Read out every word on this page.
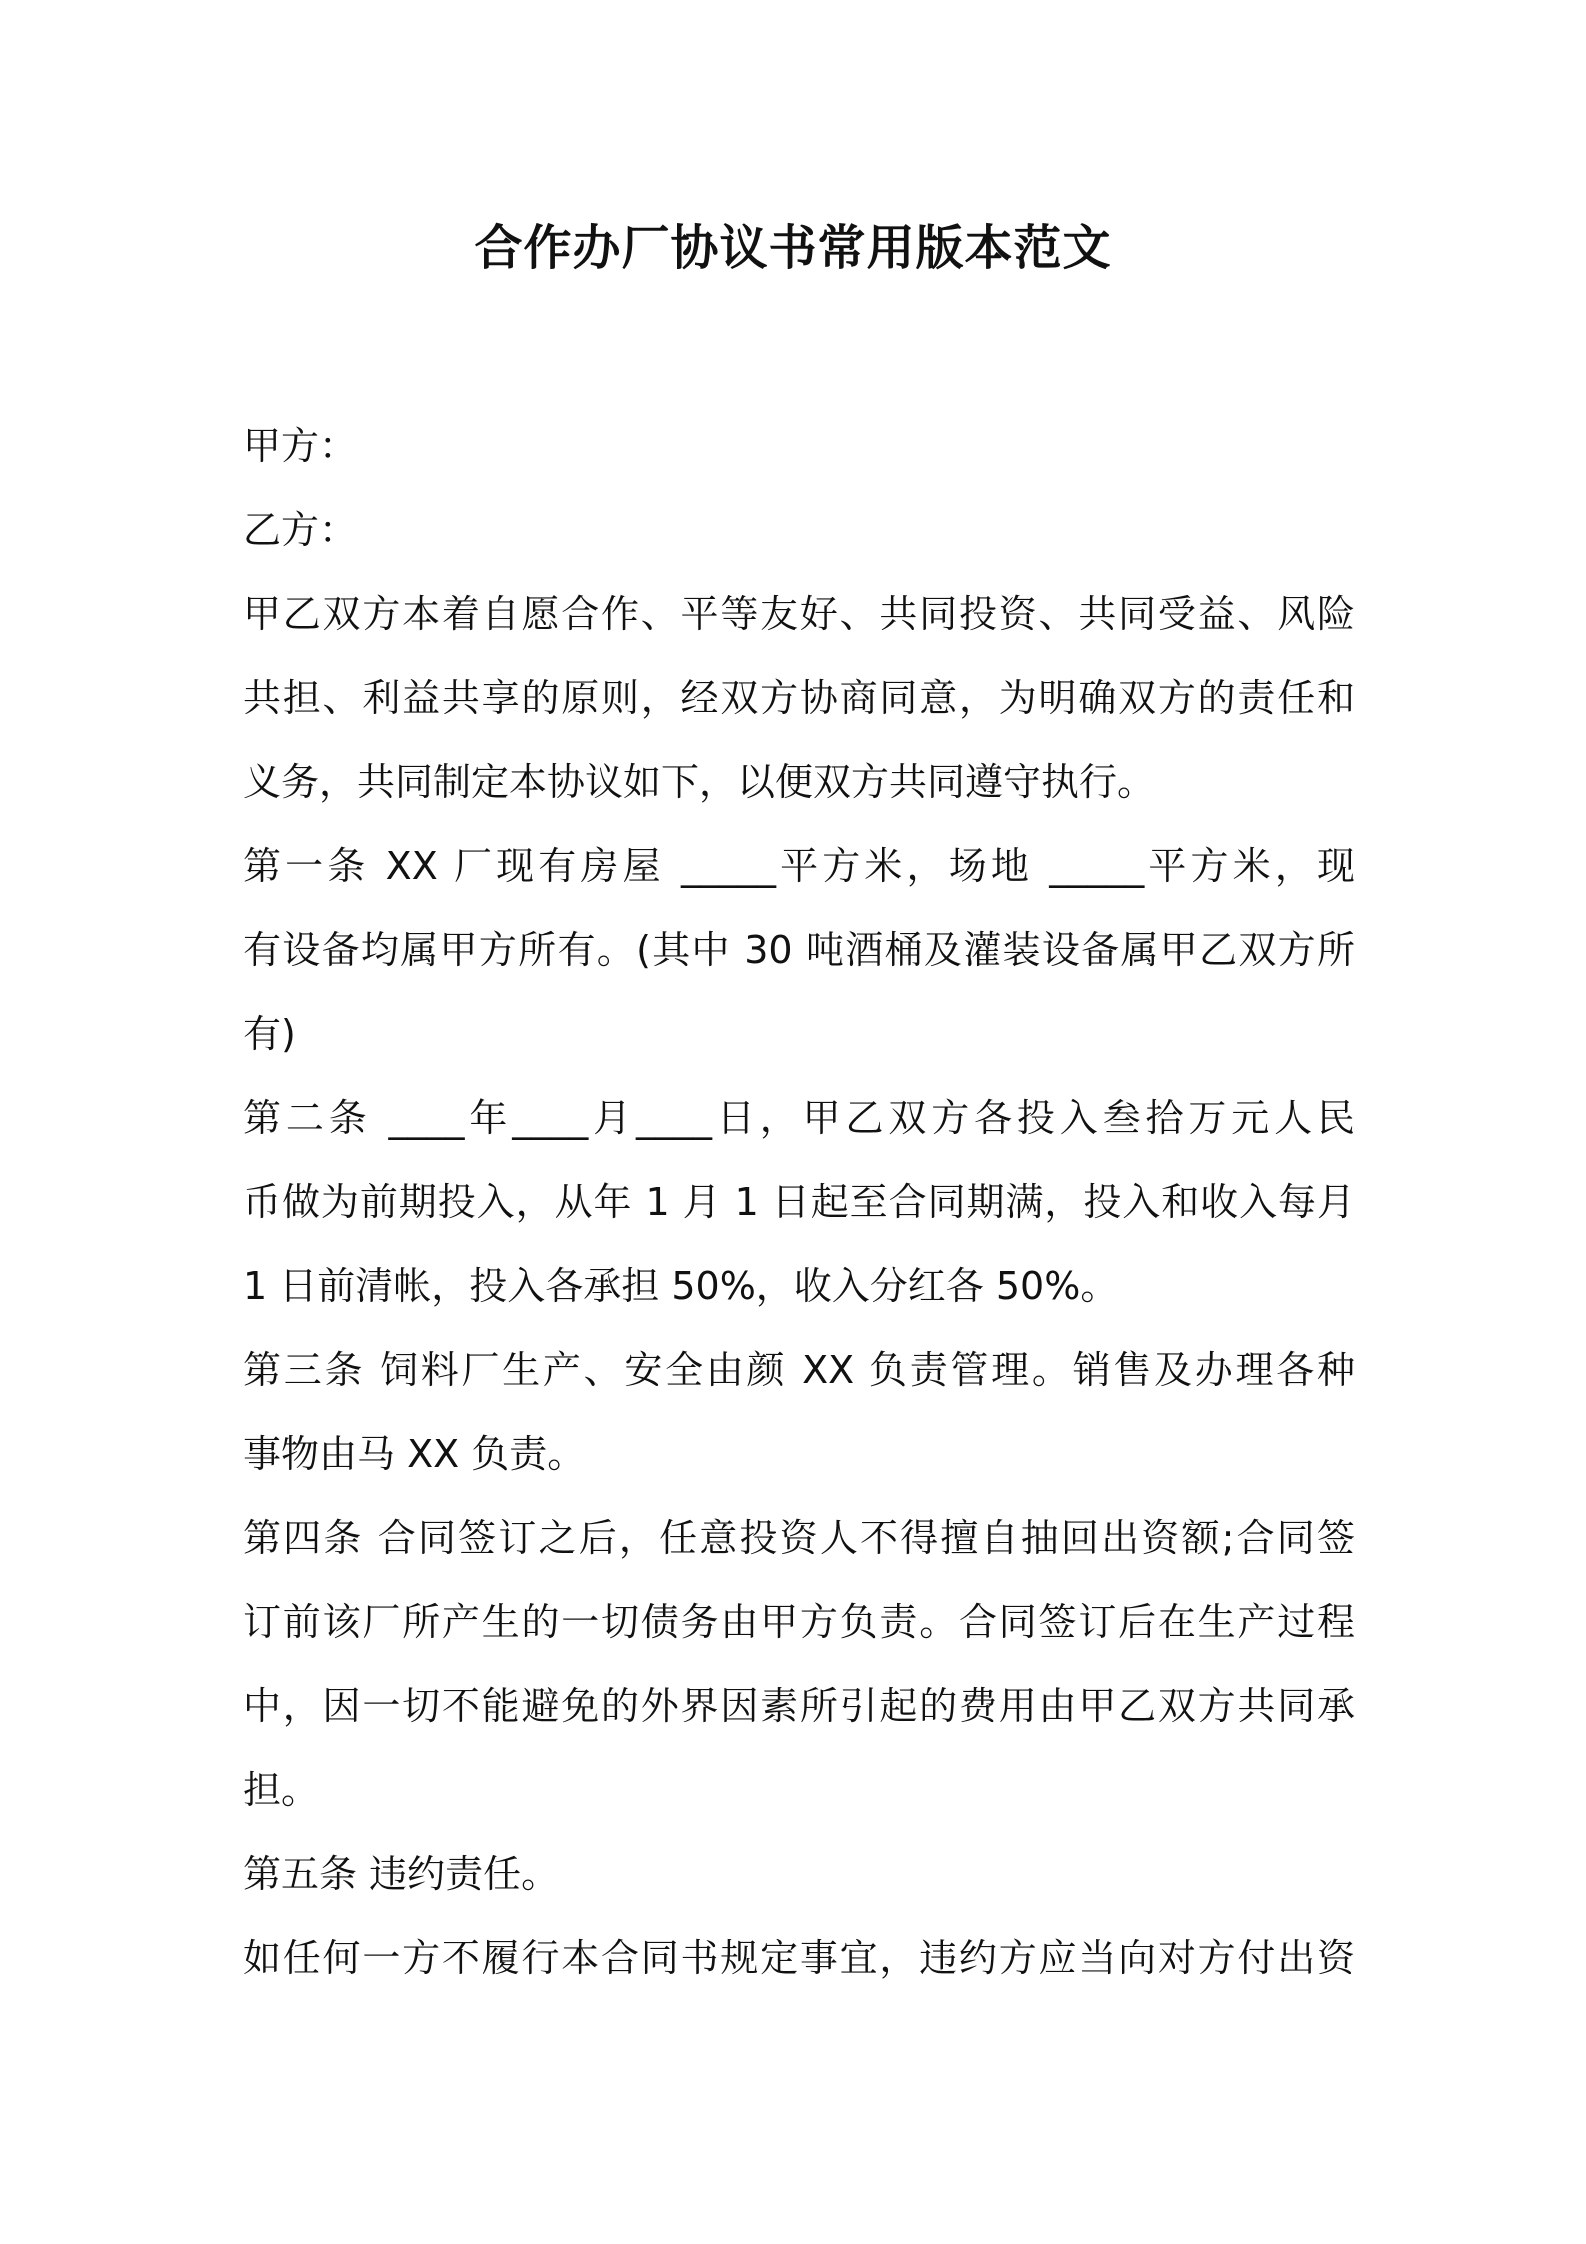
合作办厂协议书常用版本范文
甲方：
乙方：
甲乙双方本着自愿合作、平等友好、共同投资、共同受益、风险
共担、利益共享的原则，经双方协商同意，为明确双方的责任和
义务，共同制定本协议如下，以便双方共同遵守执行。
第一条 XX 厂现有房屋 _____平方米，场地 _____平方米，现
有设备均属甲方所有。(其中 30 吨酒桶及灌装设备属甲乙双方所
有)
第二条 ____年____月____日，甲乙双方各投入叁拾万元人民
币做为前期投入，从年 1 月 1 日起至合同期满，投入和收入每月
1 日前清帐，投入各承担 50%，收入分红各 50%。
第三条 饲料厂生产、安全由颜 XX 负责管理。销售及办理各种
事物由马 XX 负责。
第四条 合同签订之后，任意投资人不得擅自抽回出资额;合同签
订前该厂所产生的一切债务由甲方负责。合同签订后在生产过程
中，因一切不能避免的外界因素所引起的费用由甲乙双方共同承
担。
第五条 违约责任。
如任何一方不履行本合同书规定事宜，违约方应当向对方付出资
